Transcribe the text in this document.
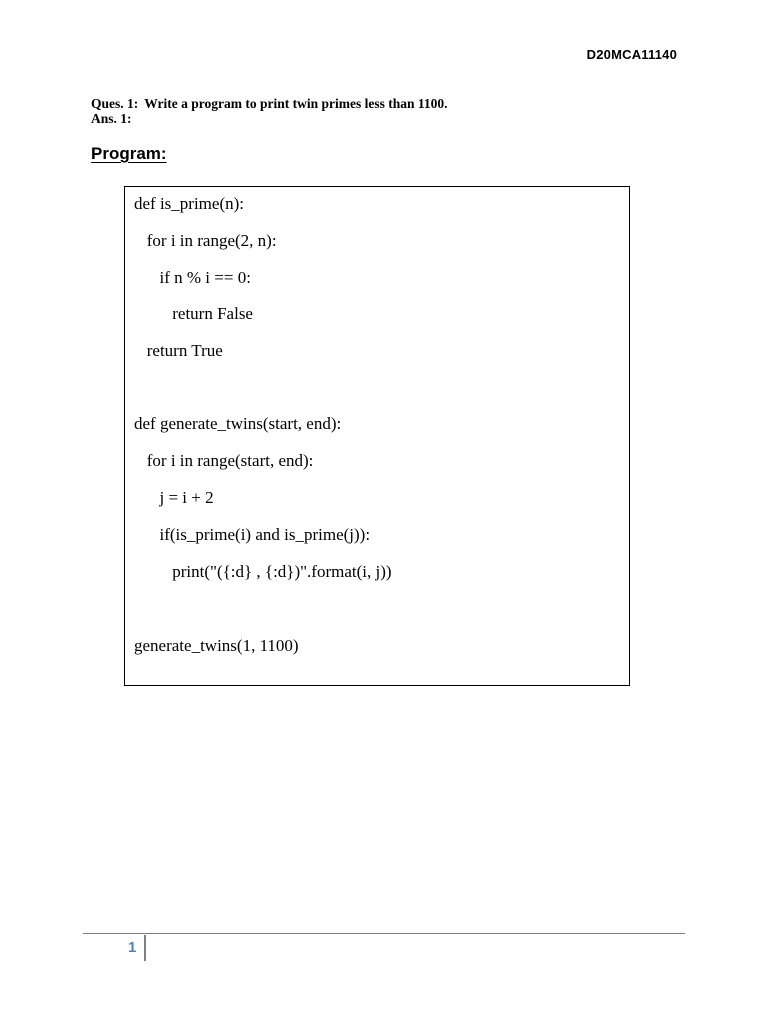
D20MCA11140
Ques. 1: Write a program to print twin primes less than 1100.
Ans. 1:
Program:
def is_prime(n):
for i in range(2, n):
if n % i == 0:
return False
return True
def generate_twins(start, end):
for i in range(start, end):
j = i + 2
if(is_prime(i) and is_prime(j)):
print("({:d} , {:d})".format(i, j))
generate_twins(1, 1100)
1
